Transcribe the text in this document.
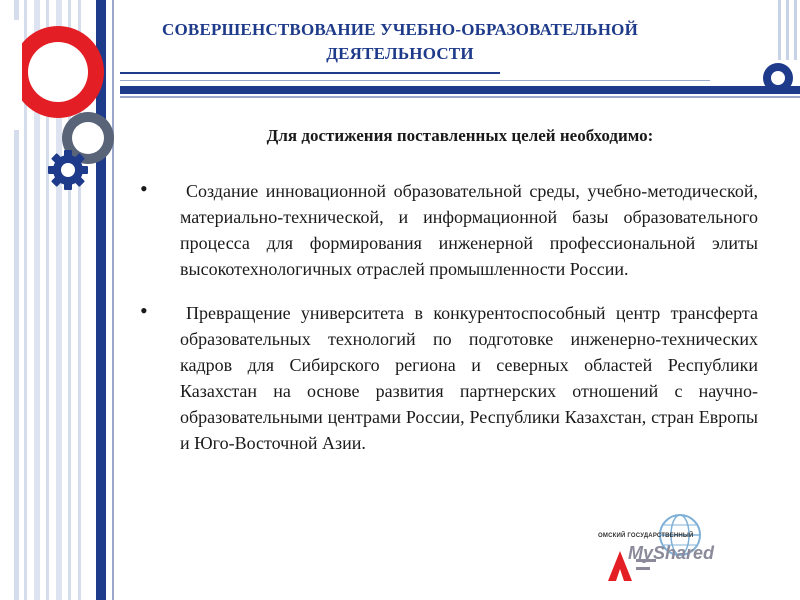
СОВЕРШЕНСТВОВАНИЕ УЧЕБНО-ОБРАЗОВАТЕЛЬНОЙ
ДЕЯТЕЛЬНОСТИ
Для достижения поставленных целей необходимо:
•	Создание инновационной образовательной среды, учебно-методической, материально-технической, и информационной базы образовательного процесса для формирования инженерной профессиональной элиты высокотехнологичных отраслей промышленности России.
•	Превращение университета в конкурентоспособный центр трансферта образовательных технологий по подготовке инженерно-технических кадров для Сибирского региона и северных областей Республики Казахстан на основе развития партнерских отношений с научно-образовательными центрами России, Республики Казахстан, стран Европы и Юго-Восточной Азии.
ОМСКИЙ ГОСУДАРСТВЕННЫЙ
MyShared
